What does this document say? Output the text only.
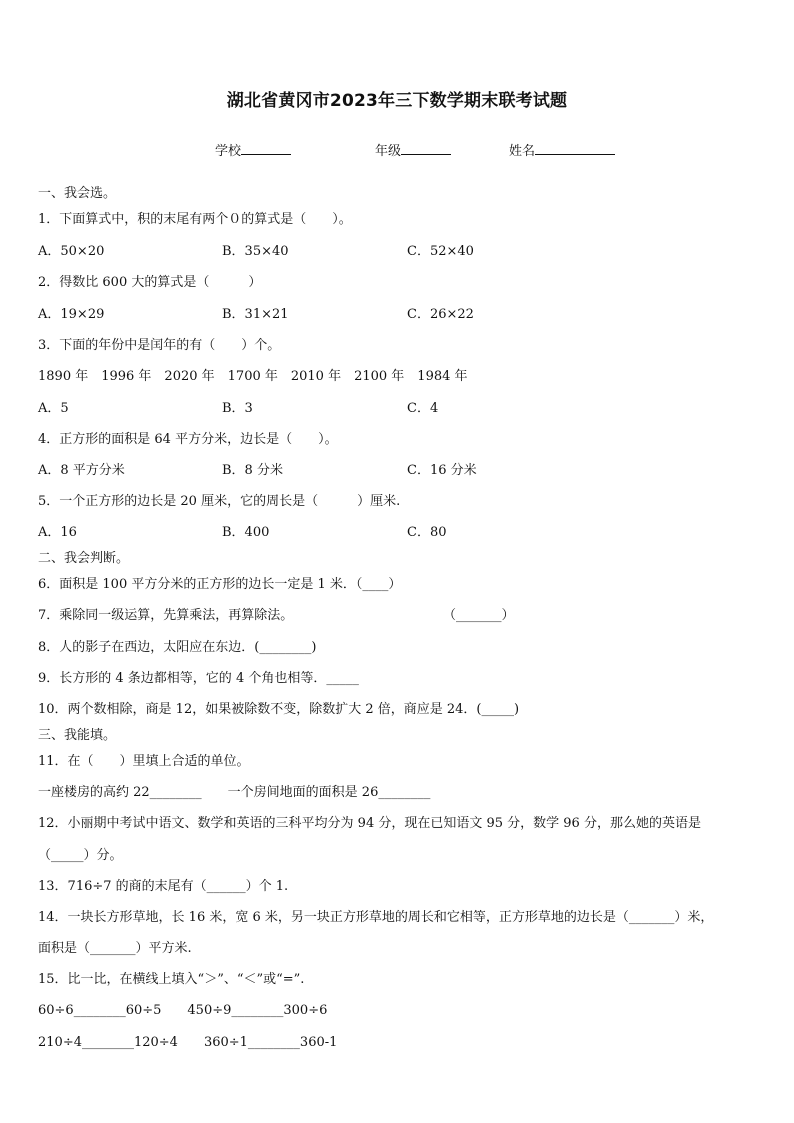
湖北省黄冈市2023年三下数学期末联考试题
学校	年级	姓名
一、我会选。
1．下面算式中，积的末尾有两个０的算式是（　　）。
A．50×20	B．35×40	C．52×40
2．得数比 600 大的算式是（　　　）
A．19×29	B．31×21	C．26×22
3．下面的年份中是闰年的有（　　）个。
1890 年　1996 年　2020 年　1700 年　2010 年　2100 年　1984 年
A．5	B．3	C．4
4．正方形的面积是 64 平方分米，边长是（　　）。
A．8 平方分米	B．8 分米	C．16 分米
5．一个正方形的边长是 20 厘米，它的周长是（　　　）厘米.
A．16	B．400	C．80
二、我会判断。
6．面积是 100 平方分米的正方形的边长一定是 1 米．（____）
7．乘除同一级运算，先算乘法，再算除法。	（_______）
8．人的影子在西边，太阳应在东边．(________)
9．长方形的 4 条边都相等，它的 4 个角也相等．_____
10．两个数相除，商是 12，如果被除数不变，除数扩大 2 倍，商应是 24．(_____)
三、我能填。
11．在（　　）里填上合适的单位。
一座楼房的高约 22________　　一个房间地面的面积是 26________
12．小丽期中考试中语文、数学和英语的三科平均分为 94 分，现在已知语文 95 分，数学 96 分，那么她的英语是
（_____）分。
13．716÷7 的商的末尾有（______）个 1.
14．一块长方形草地，长 16 米，宽 6 米，另一块正方形草地的周长和它相等，正方形草地的边长是（_______）米，
面积是（_______）平方米.
15．比一比，在横线上填入“＞”、“＜”或“=”.
60÷6________60÷5　　450÷9________300÷6
210÷4________120÷4　　360÷1________360-1
